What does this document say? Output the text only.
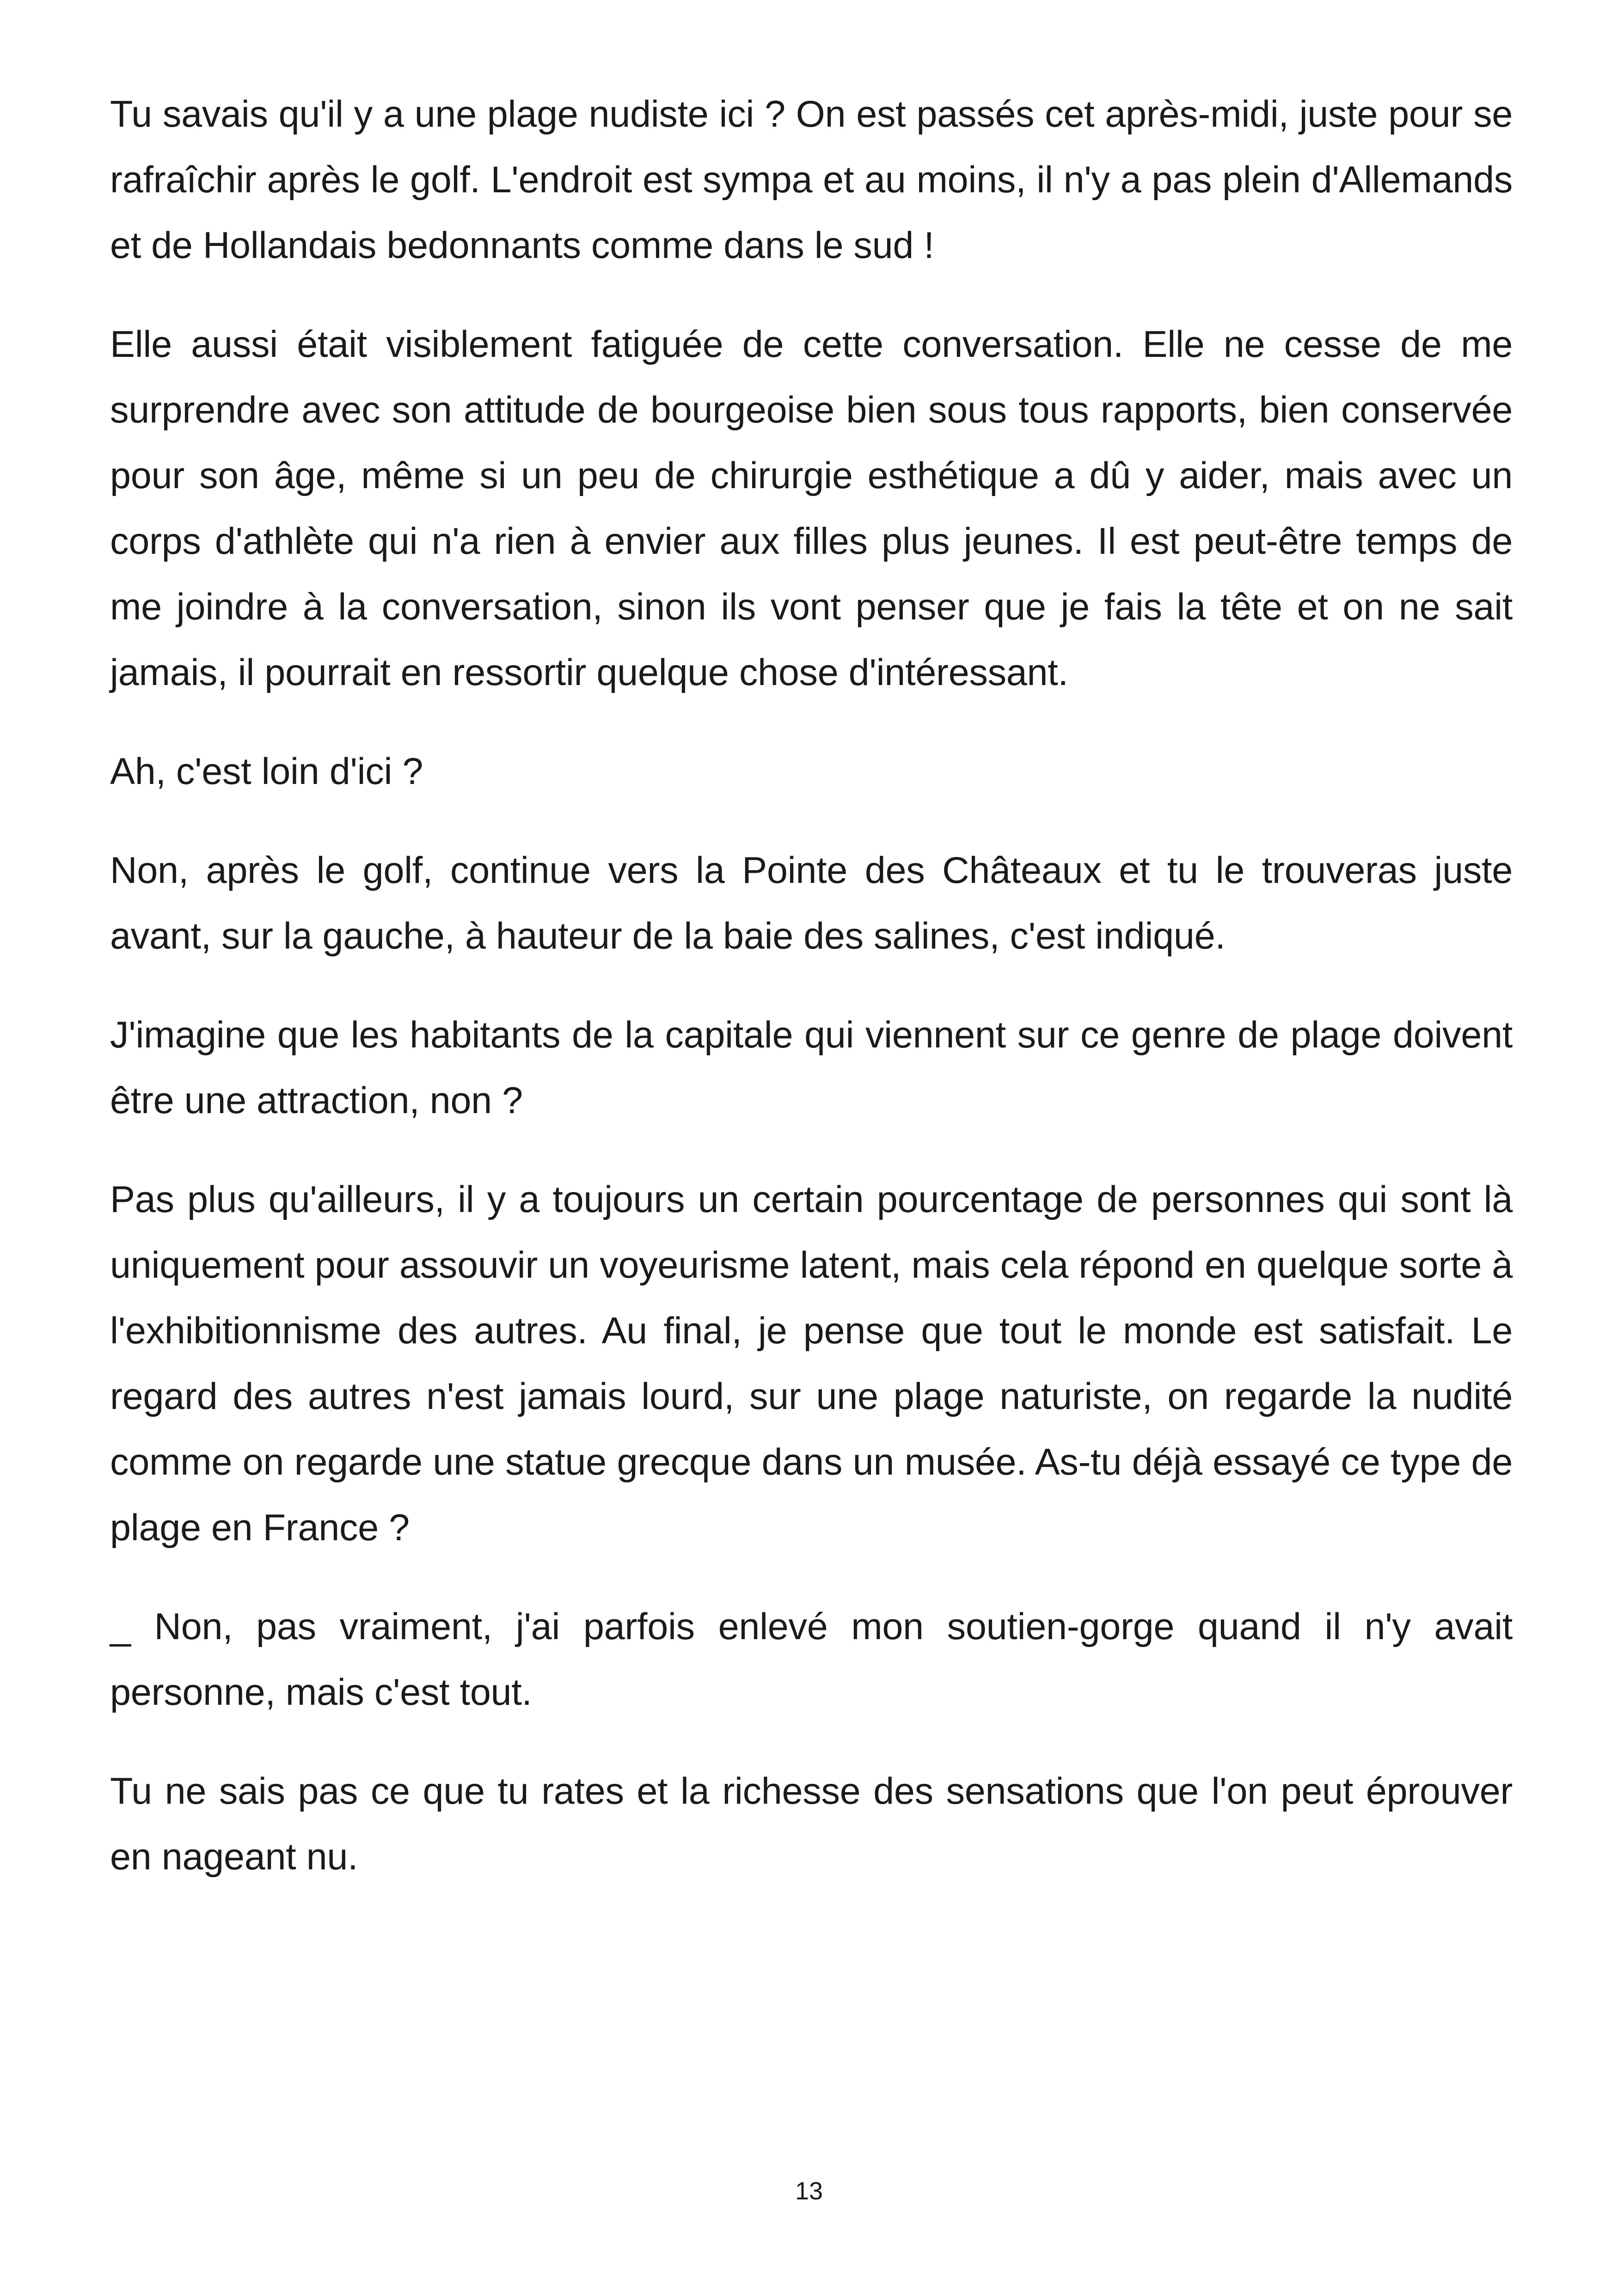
Tu savais qu'il y a une plage nudiste ici ? On est passés cet après-midi, juste pour se rafraîchir après le golf. L'endroit est sympa et au moins, il n'y a pas plein d'Allemands et de Hollandais bedonnants comme dans le sud !

Elle aussi était visiblement fatiguée de cette conversation. Elle ne cesse de me surprendre avec son attitude de bourgeoise bien sous tous rapports, bien conservée pour son âge, même si un peu de chirurgie esthétique a dû y aider, mais avec un corps d'athlète qui n'a rien à envier aux filles plus jeunes. Il est peut-être temps de me joindre à la conversation, sinon ils vont penser que je fais la tête et on ne sait jamais, il pourrait en ressortir quelque chose d'intéressant.

Ah, c'est loin d'ici ?

Non, après le golf, continue vers la Pointe des Châteaux et tu le trouveras juste avant, sur la gauche, à hauteur de la baie des salines, c'est indiqué.

J'imagine que les habitants de la capitale qui viennent sur ce genre de plage doivent être une attraction, non ?

Pas plus qu'ailleurs, il y a toujours un certain pourcentage de personnes qui sont là uniquement pour assouvir un voyeurisme latent, mais cela répond en quelque sorte à l'exhibitionnisme des autres. Au final, je pense que tout le monde est satisfait. Le regard des autres n'est jamais lourd, sur une plage naturiste, on regarde la nudité comme on regarde une statue grecque dans un musée. As-tu déjà essayé ce type de plage en France ?

_ Non, pas vraiment, j'ai parfois enlevé mon soutien-gorge quand il n'y avait personne, mais c'est tout.

Tu ne sais pas ce que tu rates et la richesse des sensations que l'on peut éprouver en nageant nu.

13
